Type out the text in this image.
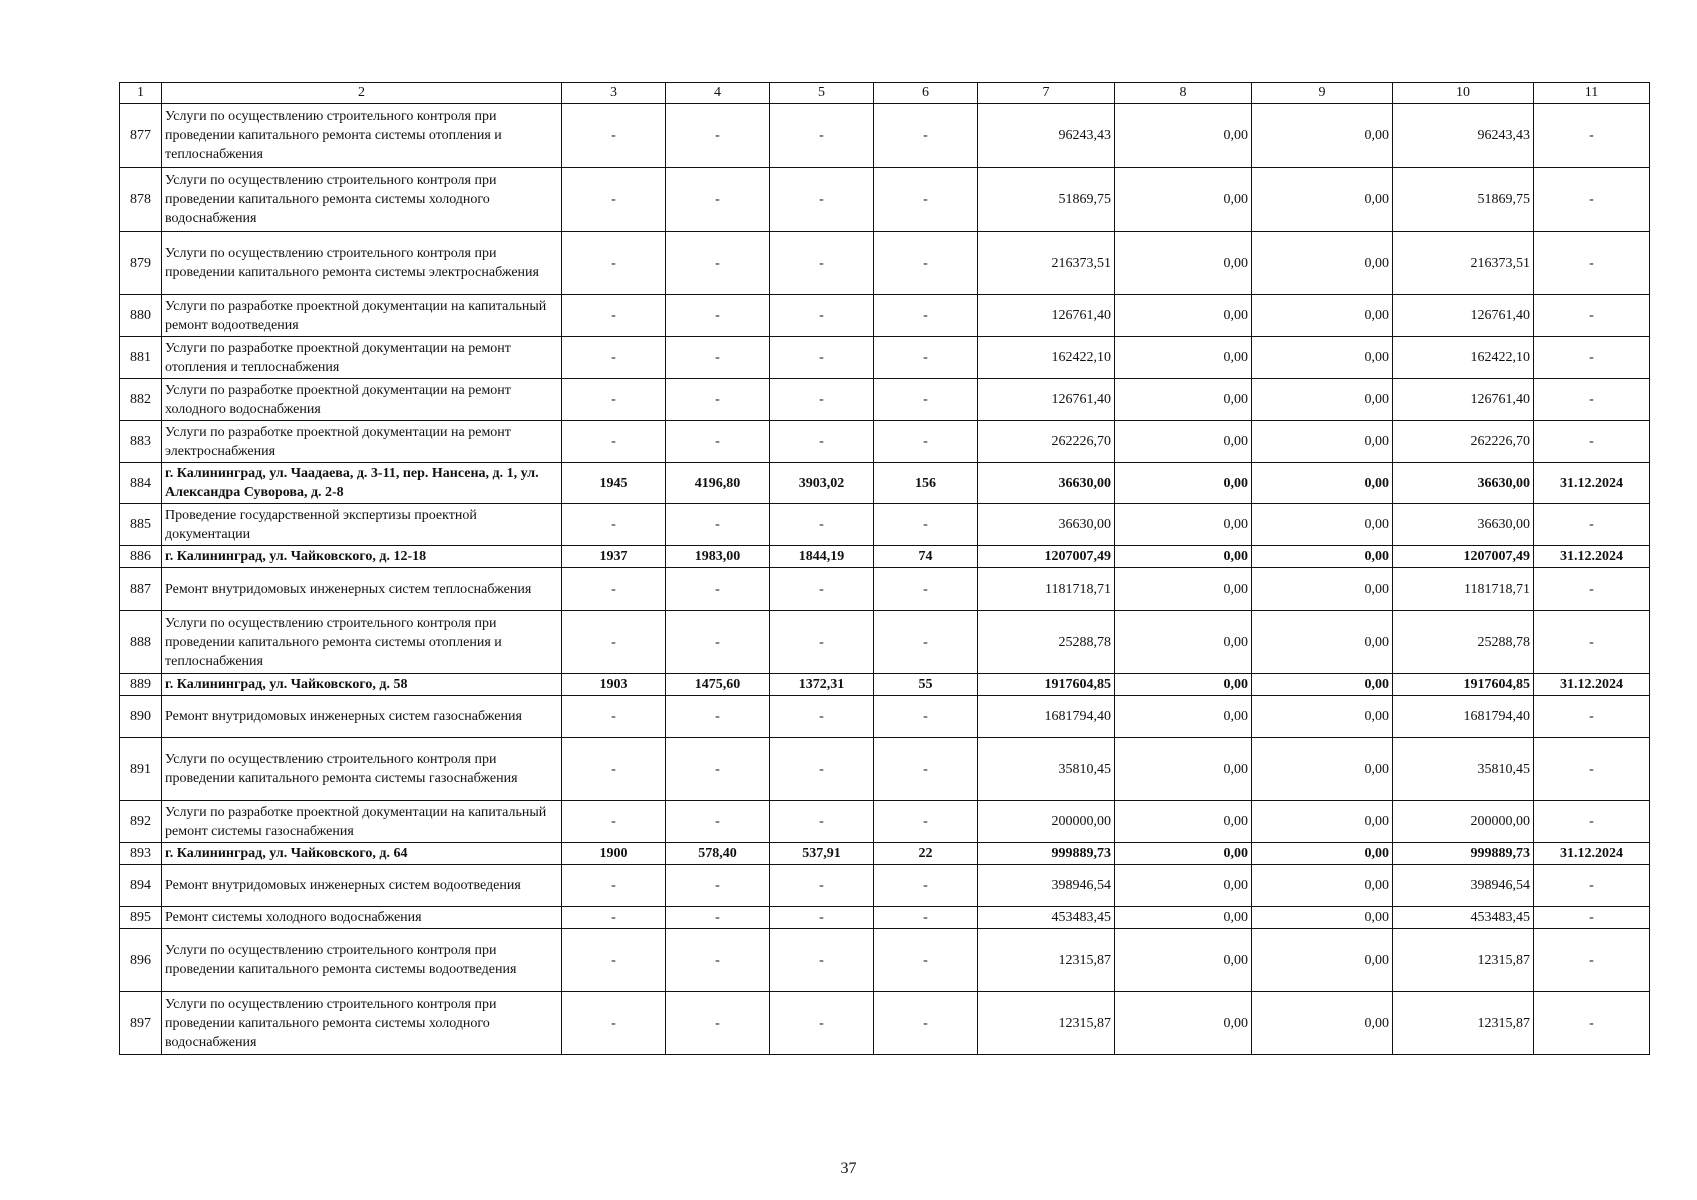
1	2	3	4	5	6	7	8	9	10	11
877	Услуги по осуществлению строительного контроля при проведении капитального ремонта системы отопления и теплоснабжения	-	-	-	-	96243,43	0,00	0,00	96243,43	-
878	Услуги по осуществлению строительного контроля при проведении капитального ремонта системы холодного водоснабжения	-	-	-	-	51869,75	0,00	0,00	51869,75	-
879	Услуги по осуществлению строительного контроля при проведении капитального ремонта системы электроснабжения	-	-	-	-	216373,51	0,00	0,00	216373,51	-
880	Услуги по разработке проектной документации на капитальный ремонт водоотведения	-	-	-	-	126761,40	0,00	0,00	126761,40	-
881	Услуги по разработке проектной документации на ремонт отопления и теплоснабжения	-	-	-	-	162422,10	0,00	0,00	162422,10	-
882	Услуги по разработке проектной документации на ремонт холодного водоснабжения	-	-	-	-	126761,40	0,00	0,00	126761,40	-
883	Услуги по разработке проектной документации на ремонт электроснабжения	-	-	-	-	262226,70	0,00	0,00	262226,70	-
884	г. Калининград, ул. Чаадаева, д. 3-11, пер. Нансена, д. 1, ул. Александра Суворова, д. 2-8	1945	4196,80	3903,02	156	36630,00	0,00	0,00	36630,00	31.12.2024
885	Проведение государственной экспертизы проектной документации	-	-	-	-	36630,00	0,00	0,00	36630,00	-
886	г. Калининград, ул. Чайковского, д. 12-18	1937	1983,00	1844,19	74	1207007,49	0,00	0,00	1207007,49	31.12.2024
887	Ремонт внутридомовых инженерных систем теплоснабжения	-	-	-	-	1181718,71	0,00	0,00	1181718,71	-
888	Услуги по осуществлению строительного контроля при проведении капитального ремонта системы отопления и теплоснабжения	-	-	-	-	25288,78	0,00	0,00	25288,78	-
889	г. Калининград, ул. Чайковского, д. 58	1903	1475,60	1372,31	55	1917604,85	0,00	0,00	1917604,85	31.12.2024
890	Ремонт внутридомовых инженерных систем газоснабжения	-	-	-	-	1681794,40	0,00	0,00	1681794,40	-
891	Услуги по осуществлению строительного контроля при проведении капитального ремонта системы газоснабжения	-	-	-	-	35810,45	0,00	0,00	35810,45	-
892	Услуги по разработке проектной документации на капитальный ремонт системы газоснабжения	-	-	-	-	200000,00	0,00	0,00	200000,00	-
893	г. Калининград, ул. Чайковского, д. 64	1900	578,40	537,91	22	999889,73	0,00	0,00	999889,73	31.12.2024
894	Ремонт внутридомовых инженерных систем водоотведения	-	-	-	-	398946,54	0,00	0,00	398946,54	-
895	Ремонт системы холодного водоснабжения	-	-	-	-	453483,45	0,00	0,00	453483,45	-
896	Услуги по осуществлению строительного контроля при проведении капитального ремонта системы водоотведения	-	-	-	-	12315,87	0,00	0,00	12315,87	-
897	Услуги по осуществлению строительного контроля при проведении капитального ремонта системы холодного водоснабжения	-	-	-	-	12315,87	0,00	0,00	12315,87	-
37
